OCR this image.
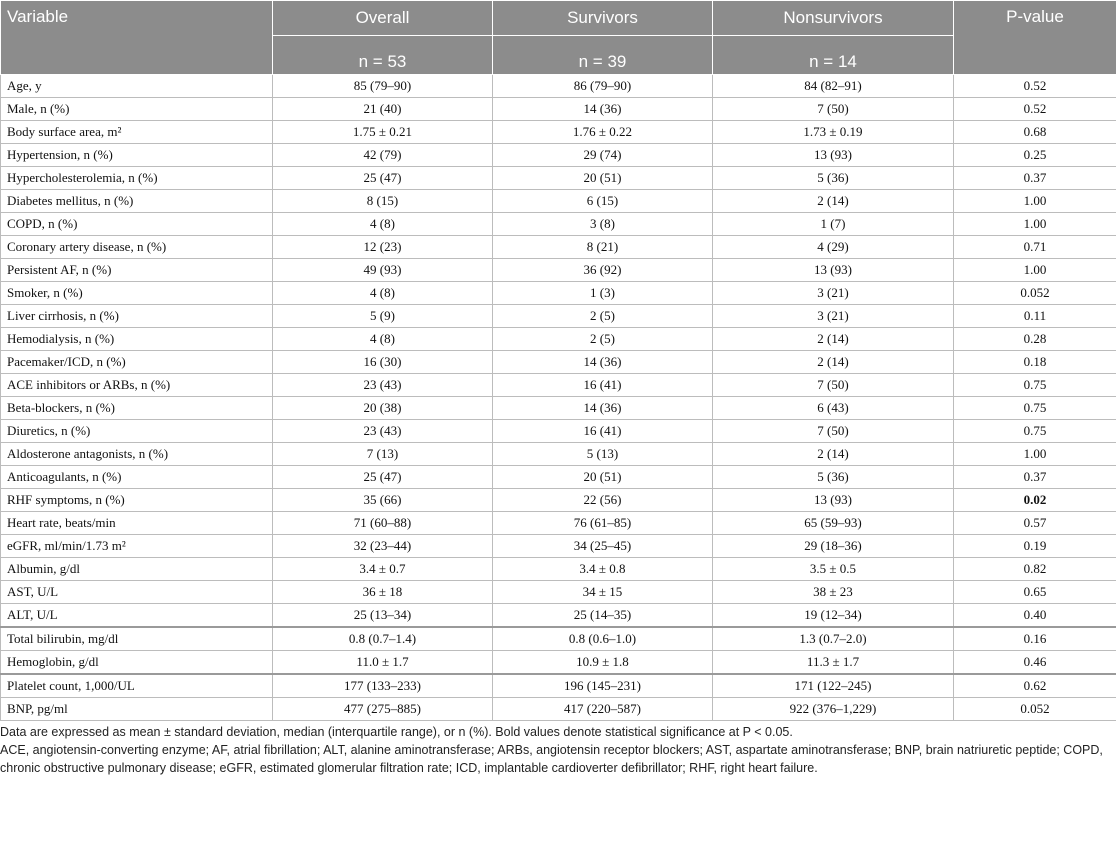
Variable	Overall	Survivors	Nonsurvivors	P-value
	n = 53	n = 39	n = 14	
Age, y	85 (79–90)	86 (79–90)	84 (82–91)	0.52
Male, n (%)	21 (40)	14 (36)	7 (50)	0.52
Body surface area, m²	1.75 ± 0.21	1.76 ± 0.22	1.73 ± 0.19	0.68
Hypertension, n (%)	42 (79)	29 (74)	13 (93)	0.25
Hypercholesterolemia, n (%)	25 (47)	20 (51)	5 (36)	0.37
Diabetes mellitus, n (%)	8 (15)	6 (15)	2 (14)	1.00
COPD, n (%)	4 (8)	3 (8)	1 (7)	1.00
Coronary artery disease, n (%)	12 (23)	8 (21)	4 (29)	0.71
Persistent AF, n (%)	49 (93)	36 (92)	13 (93)	1.00
Smoker, n (%)	4 (8)	1 (3)	3 (21)	0.052
Liver cirrhosis, n (%)	5 (9)	2 (5)	3 (21)	0.11
Hemodialysis, n (%)	4 (8)	2 (5)	2 (14)	0.28
Pacemaker/ICD, n (%)	16 (30)	14 (36)	2 (14)	0.18
ACE inhibitors or ARBs, n (%)	23 (43)	16 (41)	7 (50)	0.75
Beta-blockers, n (%)	20 (38)	14 (36)	6 (43)	0.75
Diuretics, n (%)	23 (43)	16 (41)	7 (50)	0.75
Aldosterone antagonists, n (%)	7 (13)	5 (13)	2 (14)	1.00
Anticoagulants, n (%)	25 (47)	20 (51)	5 (36)	0.37
RHF symptoms, n (%)	35 (66)	22 (56)	13 (93)	0.02
Heart rate, beats/min	71 (60–88)	76 (61–85)	65 (59–93)	0.57
eGFR, ml/min/1.73 m²	32 (23–44)	34 (25–45)	29 (18–36)	0.19
Albumin, g/dl	3.4 ± 0.7	3.4 ± 0.8	3.5 ± 0.5	0.82
AST, U/L	36 ± 18	34 ± 15	38 ± 23	0.65
ALT, U/L	25 (13–34)	25 (14–35)	19 (12–34)	0.40
Total bilirubin, mg/dl	0.8 (0.7–1.4)	0.8 (0.6–1.0)	1.3 (0.7–2.0)	0.16
Hemoglobin, g/dl	11.0 ± 1.7	10.9 ± 1.8	11.3 ± 1.7	0.46
Platelet count, 1,000/UL	177 (133–233)	196 (145–231)	171 (122–245)	0.62
BNP, pg/ml	477 (275–885)	417 (220–587)	922 (376–1,229)	0.052

Data are expressed as mean ± standard deviation, median (interquartile range), or n (%). Bold values denote statistical significance at P < 0.05.

ACE, angiotensin-converting enzyme; AF, atrial fibrillation; ALT, alanine aminotransferase; ARBs, angiotensin receptor blockers; AST, aspartate aminotransferase; BNP, brain natriuretic peptide; COPD, chronic obstructive pulmonary disease; eGFR, estimated glomerular filtration rate; ICD, implantable cardioverter defibrillator; RHF, right heart failure.
